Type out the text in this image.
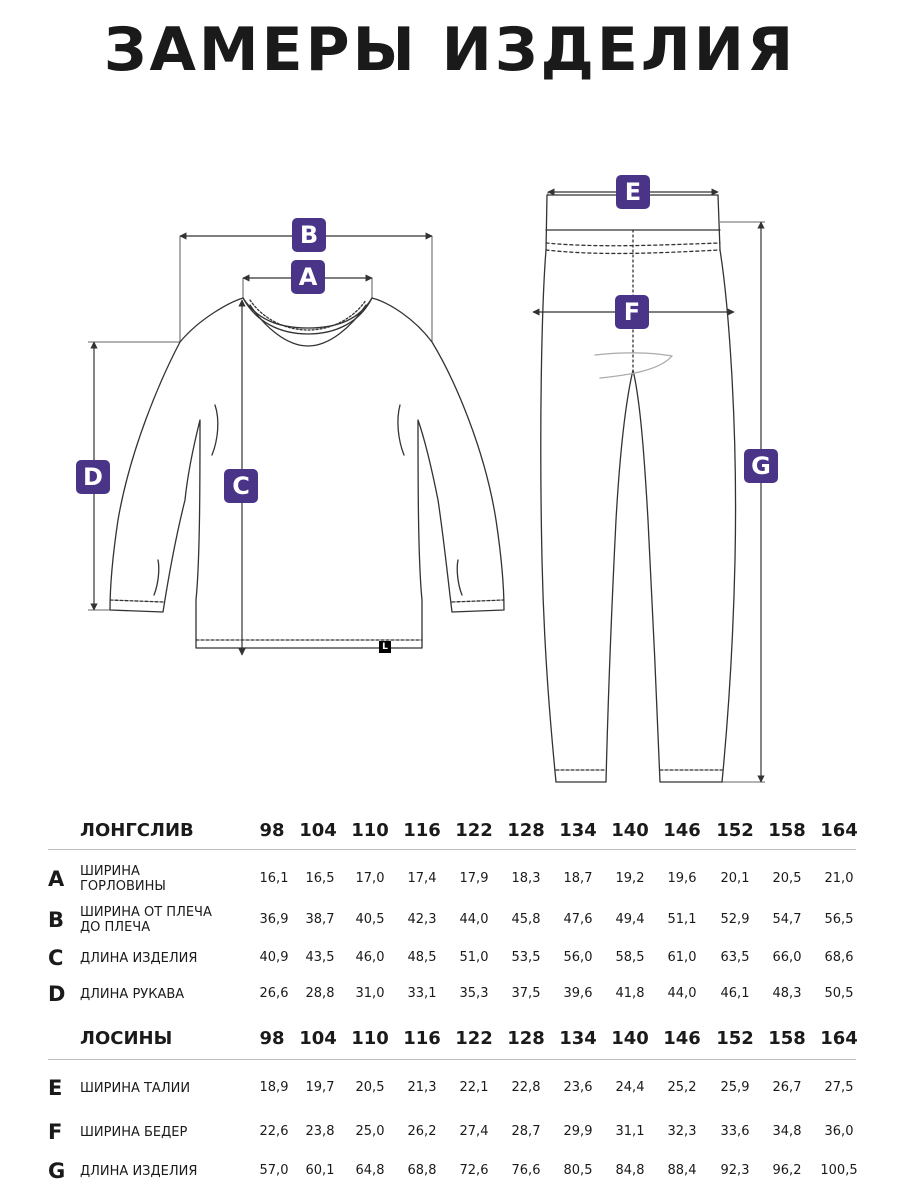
ЗАМЕРЫ ИЗДЕЛИЯ
A
B
C
D
E
F
G
L
ЛОНГСЛИВ	98 104 110 116 122 128 134 140 146 152 158 164
A ШИРИНА
ГОРЛОВИНЫ
16,1	16,5	17,0	17,4	17,9	18,3	18,7	19,2	19,6	20,1	20,5	21,0
B ШИРИНА ОТ ПЛЕЧА
ДО ПЛЕЧА
36,9	38,7	40,5	42,3	44,0	45,8	47,6	49,4	51,1	52,9	54,7	56,5
C ДЛИНА ИЗДЕЛИЯ	40,9	43,5	46,0	48,5	51,0	53,5	56,0	58,5	61,0	63,5	66,0	68,6
D ДЛИНА РУКАВА	26,6	28,8	31,0	33,1	35,3	37,5	39,6	41,8	44,0	46,1	48,3	50,5
ЛОСИНЫ	98 104 110 116 122 128 134 140 146 152 158 164
E ШИРИНА ТАЛИИ	18,9	19,7	20,5	21,3	22,1	22,8	23,6	24,4	25,2	25,9	26,7	27,5
F ШИРИНА БЕДЕР	22,6	23,8	25,0	26,2	27,4	28,7	29,9	31,1	32,3	33,6	34,8	36,0
G ДЛИНА ИЗДЕЛИЯ	57,0	60,1	64,8	68,8	72,6	76,6	80,5	84,8	88,4	92,3	96,2	100,5
